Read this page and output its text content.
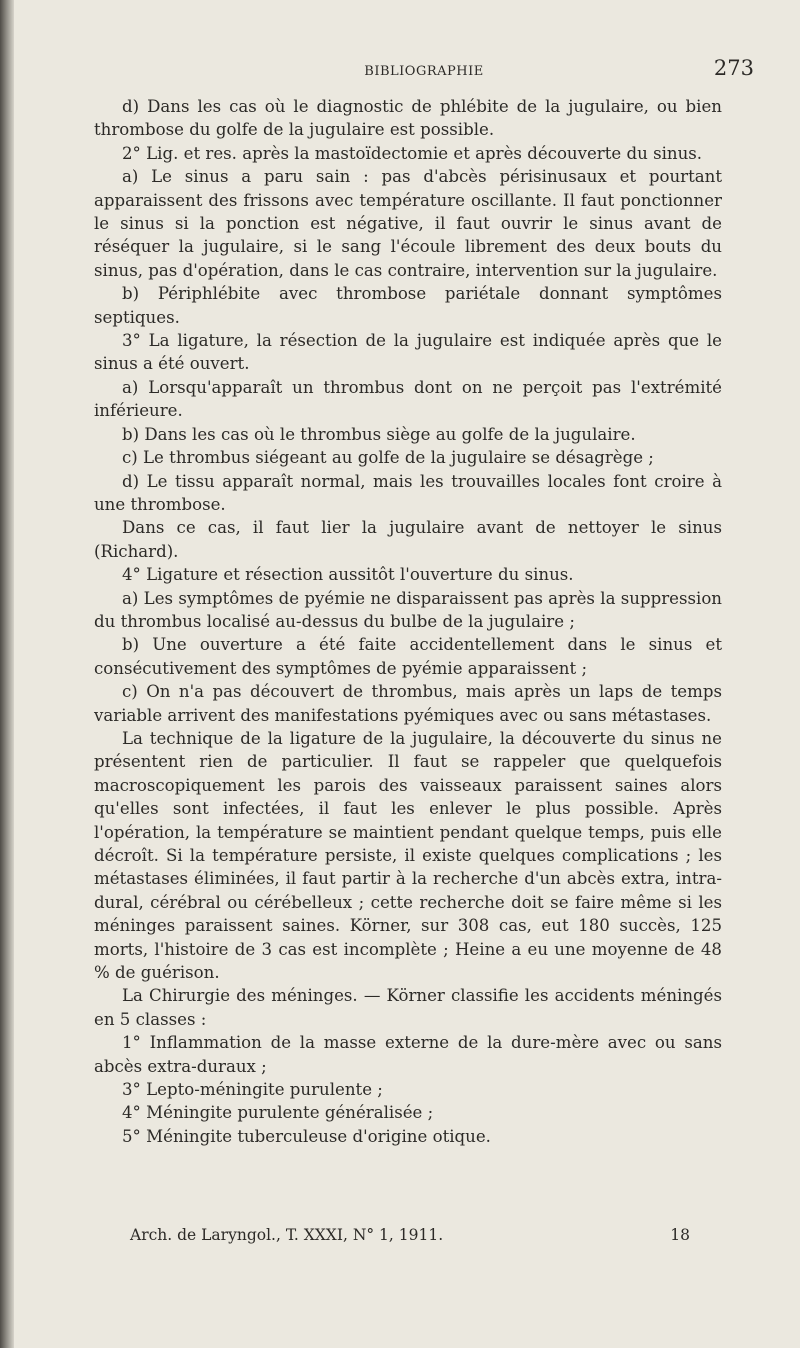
BIBLIOGRAPHIE	273

d) Dans les cas où le diagnostic de phlébite de la jugulaire, ou bien thrombose du golfe de la jugulaire est possible.

2° Lig. et res. après la mastoïdectomie et après découverte du sinus.

a) Le sinus a paru sain : pas d'abcès périsinusaux et pourtant apparaissent des frissons avec température oscillante. Il faut ponctionner le sinus si la ponction est négative, il faut ouvrir le sinus avant de réséquer la jugulaire, si le sang l'écoule librement des deux bouts du sinus, pas d'opération, dans le cas contraire, intervention sur la jugulaire.

b) Périphlébite avec thrombose pariétale donnant symptômes septiques.

3° La ligature, la résection de la jugulaire est indiquée après que le sinus a été ouvert.

a) Lorsqu'apparaît un thrombus dont on ne perçoit pas l'extrémité inférieure.

b) Dans les cas où le thrombus siège au golfe de la jugulaire.

c) Le thrombus siégeant au golfe de la jugulaire se désagrège ;

d) Le tissu apparaît normal, mais les trouvailles locales font croire à une thrombose.

Dans ce cas, il faut lier la jugulaire avant de nettoyer le sinus (Richard).

4° Ligature et résection aussitôt l'ouverture du sinus.

a) Les symptômes de pyémie ne disparaissent pas après la suppression du thrombus localisé au-dessus du bulbe de la jugulaire ;

b) Une ouverture a été faite accidentellement dans le sinus et consécutivement des symptômes de pyémie apparaissent ;

c) On n'a pas découvert de thrombus, mais après un laps de temps variable arrivent des manifestations pyémiques avec ou sans métastases.

La technique de la ligature de la jugulaire, la découverte du sinus ne présentent rien de particulier. Il faut se rappeler que quelquefois macroscopiquement les parois des vaisseaux paraissent saines alors qu'elles sont infectées, il faut les enlever le plus possible. Après l'opération, la température se maintient pendant quelque temps, puis elle décroît. Si la température persiste, il existe quelques complications ; les métastases éliminées, il faut partir à la recherche d'un abcès extra, intra-dural, cérébral ou cérébelleux ; cette recherche doit se faire même si les méninges paraissent saines. Körner, sur 308 cas, eut 180 succès, 125 morts, l'histoire de 3 cas est incomplète ; Heine a eu une moyenne de 48 % de guérison.

La Chirurgie des méninges. — Körner classifie les accidents méningés en 5 classes :

1° Inflammation de la masse externe de la dure-mère avec ou sans abcès extra-duraux ;

3° Lepto-méningite purulente ;

4° Méningite purulente généralisée ;

5° Méningite tuberculeuse d'origine otique.

Arch. de Laryngol., T. XXXI, N° 1, 1911.	18
